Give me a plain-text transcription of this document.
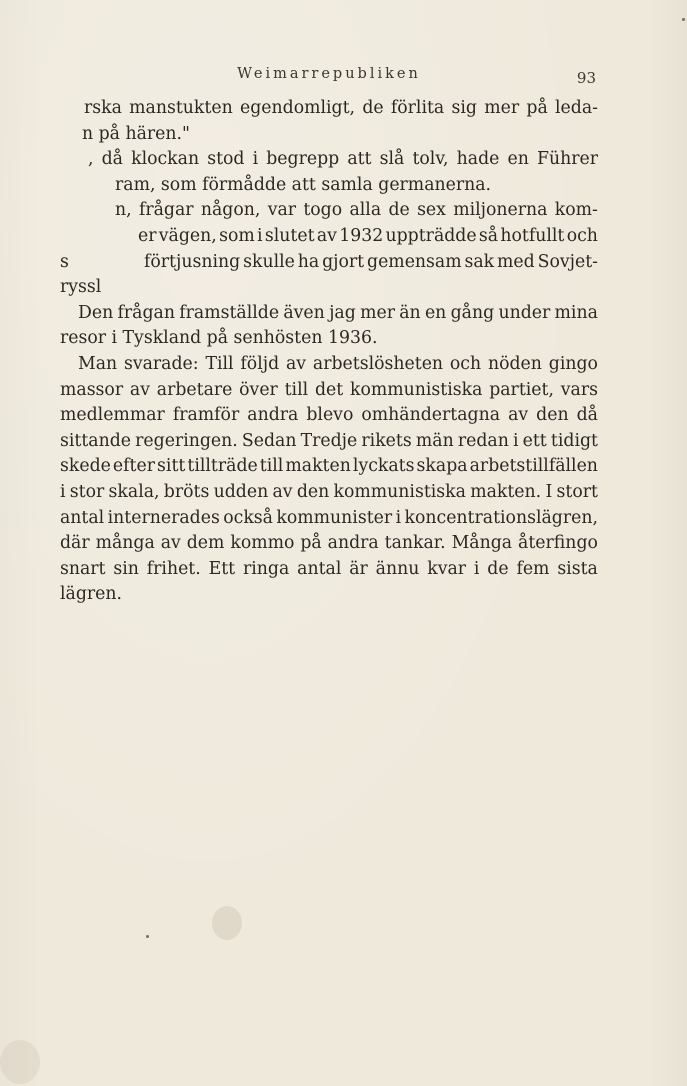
Weimarrepubliken	93
rska manstukten egendomligt, de förlita sig mer på leda-
n på hären."
, då klockan stod i begrepp att slå tolv, hade en Führer
ram, som förmådde att samla germanerna.
n, frågar någon, var togo alla de sex miljonerna kom-
er vägen, som i slutet av 1932 uppträdde så hotfullt och
s	förtjusning skulle ha gjort gemensam sak med Sovjet-
ryssl
Den frågan framställde även jag mer än en gång under mina
resor i Tyskland på senhösten 1936.
Man svarade: Till följd av arbetslösheten och nöden gingo
massor av arbetare över till det kommunistiska partiet, vars
medlemmar framför andra blevo omhändertagna av den då
sittande regeringen. Sedan Tredje rikets män redan i ett tidigt
skede efter sitt tillträde till makten lyckats skapa arbetstillfällen
i stor skala, bröts udden av den kommunistiska makten. I stort
antal internerades också kommunister i koncentrationslägren,
där många av dem kommo på andra tankar. Många återfingo
snart sin frihet. Ett ringa antal är ännu kvar i de fem sista
lägren.
